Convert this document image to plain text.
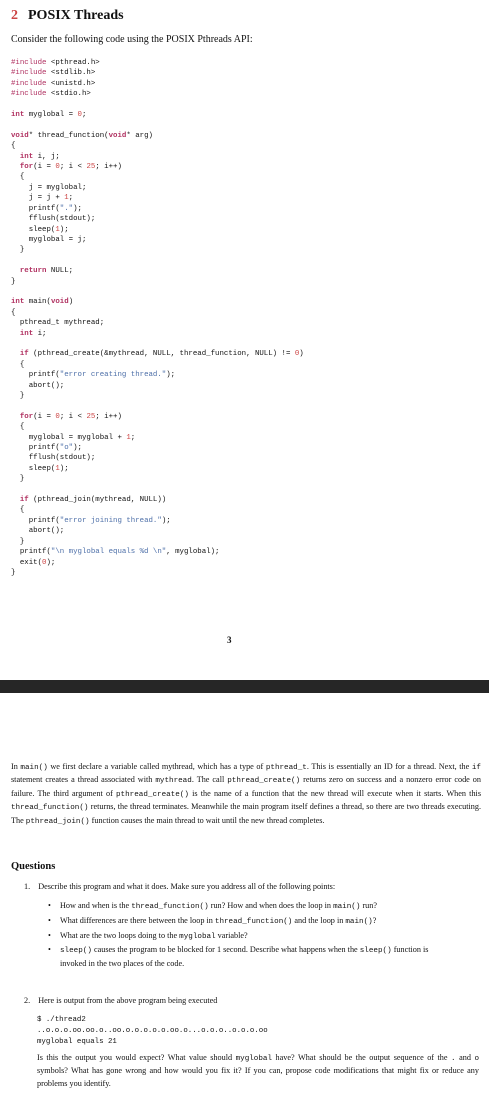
2 POSIX Threads
Consider the following code using the POSIX Pthreads API:
#include <pthread.h>
#include <stdlib.h>
#include <unistd.h>
#include <stdio.h>
int myglobal = 0;
void* thread_function(void* arg)
{
int i, j;
for(i = 0; i < 25; i++)
{
j = myglobal;
j = j + 1;
printf(".");
fflush(stdout);
sleep(1);
myglobal = j;
}
return NULL;
}
int main(void)
{
pthread_t mythread;
int i;
if (pthread_create(&mythread, NULL, thread_function, NULL) != 0)
{
printf("error creating thread.");
abort();
}
for(i = 0; i < 25; i++)
{
myglobal = myglobal + 1;
printf("o");
fflush(stdout);
sleep(1);
}
if (pthread_join(mythread, NULL))
{
printf("error joining thread.");
abort();
}
printf("\n myglobal equals %d \n", myglobal);
exit(0);
}
3
In main() we first declare a variable called mythread, which has a type of pthread_t. This is essentially an ID for a thread. Next, the if statement creates a thread associated with mythread. The call pthread_create() returns zero on success and a nonzero error code on failure. The third argument of pthread_create() is the name of a function that the new thread will execute when it starts. When this thread_function() returns, the thread terminates. Meanwhile the main program itself defines a thread, so there are two threads executing. The pthread_join() function causes the main thread to wait until the new thread completes.
Questions
1. Describe this program and what it does. Make sure you address all of the following points:
• How and when is the thread_function() run? How and when does the loop in main() run?
• What differences are there between the loop in thread_function() and the loop in main()?
• What are the two loops doing to the myglobal variable?
• sleep() causes the program to be blocked for 1 second. Describe what happens when the sleep() function is invoked in the two places of the code.
2. Here is output from the above program being executed
$ ./thread2
..o.o.o.oo.oo.o..oo.o.o.o.o.o.oo.o...o.o.o..o.o.o.oo
myglobal equals 21
Is this the output you would expect? What value should myglobal have? What should be the output sequence of the . and o symbols? What has gone wrong and how would you fix it? If you can, propose code modifications that might fix or reduce any problems you identify.
